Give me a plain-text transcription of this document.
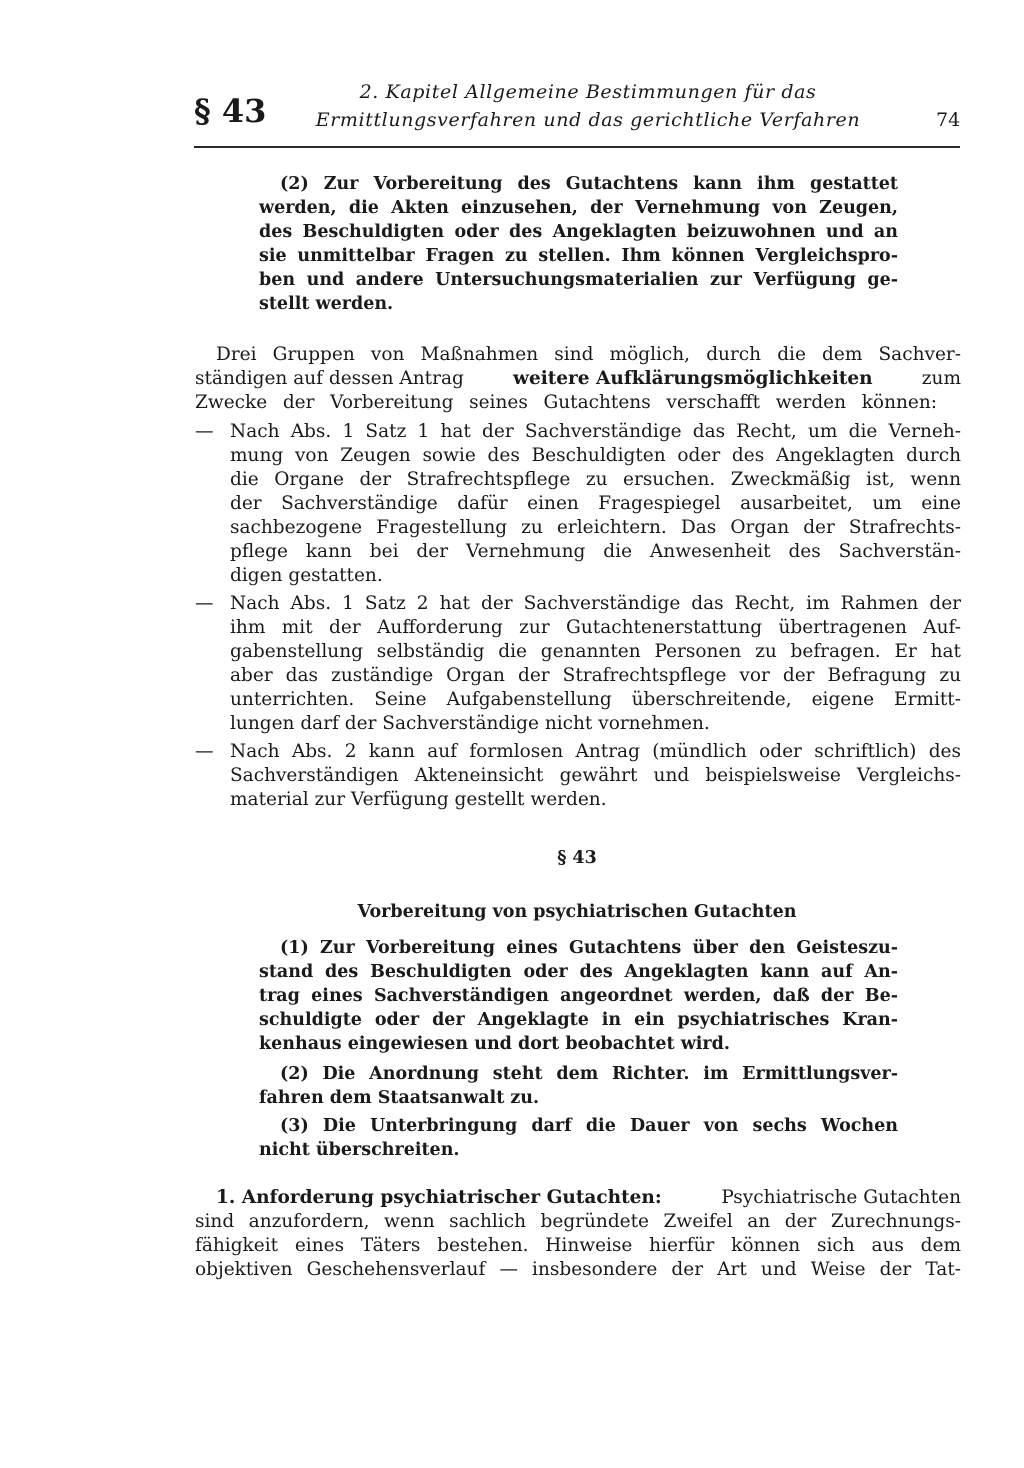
§ 43	2. Kapitel Allgemeine Bestimmungen für das
Ermittlungsverfahren und das gerichtliche Verfahren	74
(2) Zur Vorbereitung des Gutachtens kann ihm gestattet
werden, die Akten einzusehen, der Vernehmung von Zeugen,
des Beschuldigten oder des Angeklagten beizuwohnen und an
sie unmittelbar Fragen zu stellen. Ihm können Vergleichspro-
ben und andere Untersuchungsmaterialien zur Verfügung ge-
stellt werden.
Drei Gruppen von Maßnahmen sind möglich, durch die dem Sachver-
ständigen auf dessen Antrag	weitere Aufklärungsmöglichkeiten	zum
Zwecke der Vorbereitung seines Gutachtens verschafft werden können:
— Nach Abs. 1 Satz 1 hat der Sachverständige das Recht, um die Verneh-
mung von Zeugen sowie des Beschuldigten oder des Angeklagten durch
die Organe der Strafrechtspflege zu ersuchen. Zweckmäßig ist, wenn
der Sachverständige dafür einen Fragespiegel ausarbeitet, um eine
sachbezogene Fragestellung zu erleichtern. Das Organ der Strafrechts-
pflege kann bei der Vernehmung die Anwesenheit des Sachverstän-
digen gestatten.
— Nach Abs. 1 Satz 2 hat der Sachverständige das Recht, im Rahmen der
ihm mit der Aufforderung zur Gutachtenerstattung übertragenen Auf-
gabenstellung selbständig die genannten Personen zu befragen. Er hat
aber das zuständige Organ der Strafrechtspflege vor der Befragung zu
unterrichten. Seine Aufgabenstellung überschreitende, eigene Ermitt-
lungen darf der Sachverständige nicht vornehmen.
— Nach Abs. 2 kann auf formlosen Antrag (mündlich oder schriftlich) des
Sachverständigen Akteneinsicht gewährt und beispielsweise Vergleichs-
material zur Verfügung gestellt werden.
§ 43
Vorbereitung von psychiatrischen Gutachten
(1) Zur Vorbereitung eines Gutachtens über den Geisteszu-
stand des Beschuldigten oder des Angeklagten kann auf An-
trag eines Sachverständigen angeordnet werden, daß der Be-
schuldigte oder der Angeklagte in ein psychiatrisches Kran-
kenhaus eingewiesen und dort beobachtet wird.
(2) Die Anordnung steht dem Richter. im Ermittlungsver-
fahren dem Staatsanwalt zu.
(3) Die Unterbringung darf die Dauer von sechs Wochen
nicht überschreiten.
1. Anforderung psychiatrischer Gutachten:	Psychiatrische Gutachten
sind anzufordern, wenn sachlich begründete Zweifel an der Zurechnungs-
fähigkeit eines Täters bestehen. Hinweise hierfür können sich aus dem
objektiven Geschehensverlauf — insbesondere der Art und Weise der Tat-
